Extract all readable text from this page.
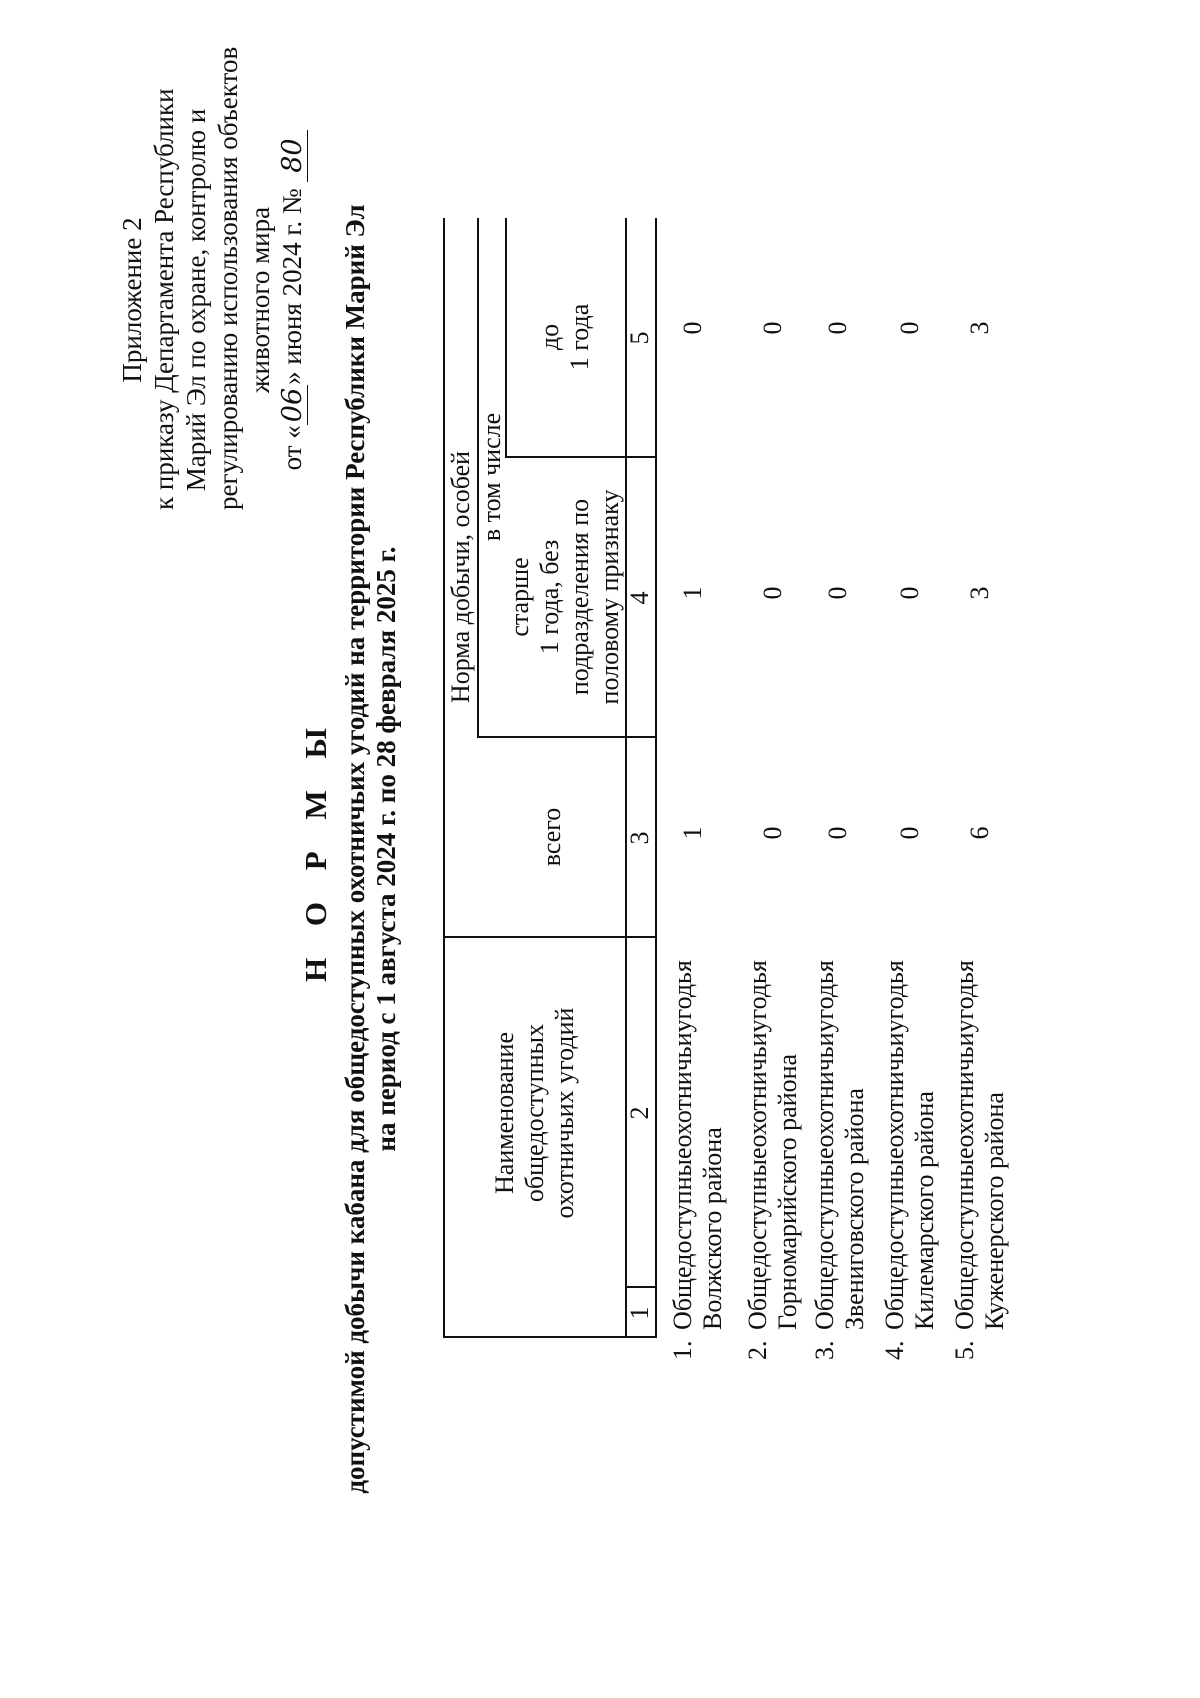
Приложение 2 к приказу Департамента Республики Марий Эл по охране, контролю и регулированию использования объектов животного мира
от «06» июня 2024 г. № 80
Н О Р М Ы допустимой добычи кабана для общедоступных охотничьих угодий на территории Республики Марий Эл на период с 1 августа 2024 г. по 28 февраля 2025 г.	Наименование общедоступных охотничьих угодий
Норма добычи, особей
всего
в том числе
старше 1 года, без подразделения по половому признаку
до 1 года
1
2
3
4
5
1.
Общедоступные
охотничьи
угодья
Волжского района
1
1
0
2.
Общедоступные
охотничьи
угодья
Горномарийского района
0
0
0
3.
Общедоступные
охотничьи
угодья
Звениговского района
0
0
0
4.
Общедоступные
охотничьи
угодья
Килемарского района
0
0
0
5.
Общедоступные
охотничьи
угодья
Куженерского района
6
3
3
